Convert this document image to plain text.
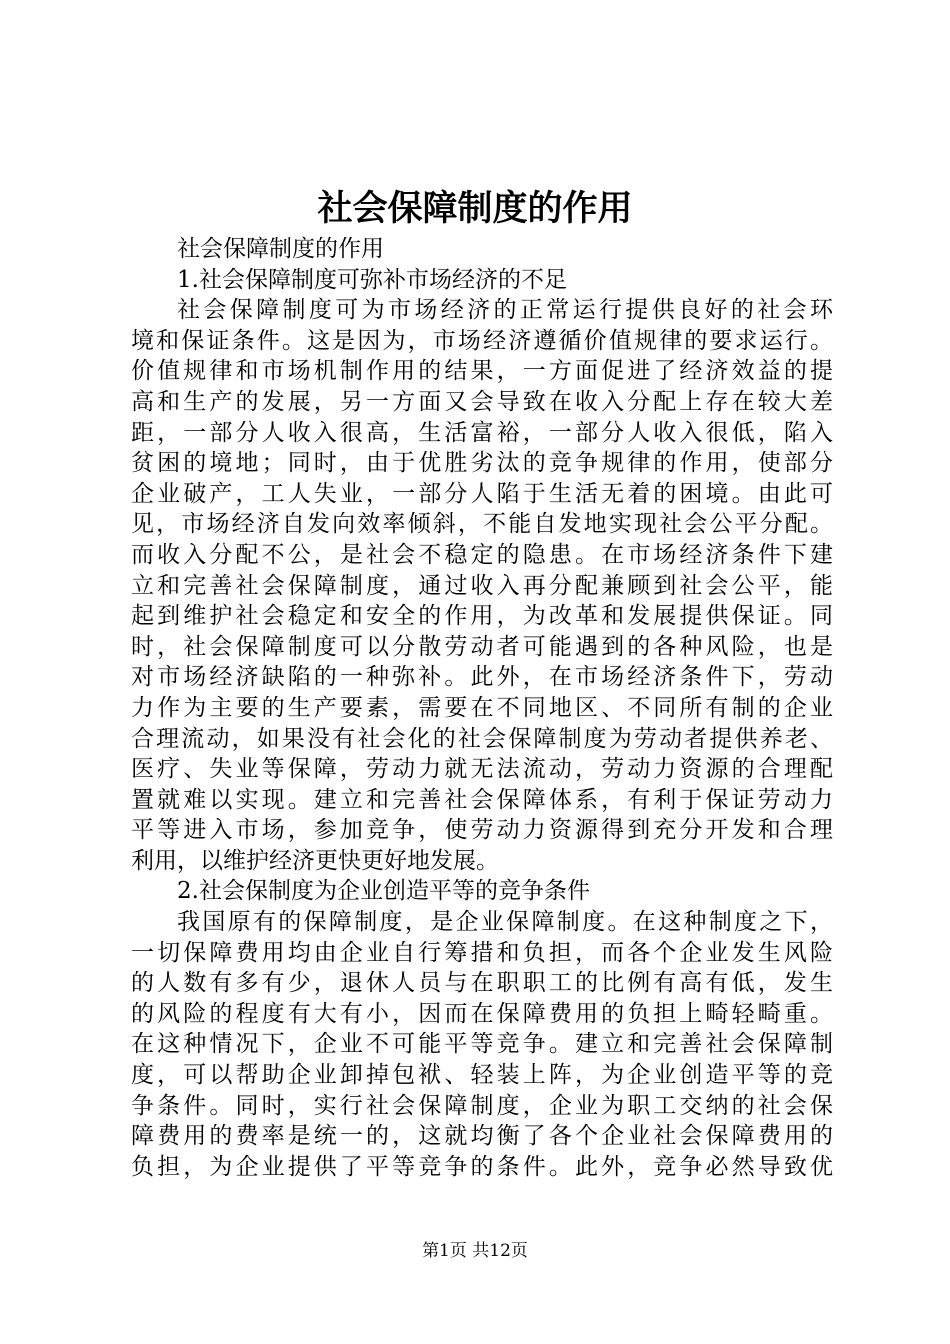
社会保障制度的作用
社会保障制度的作用
1.社会保障制度可弥补市场经济的不足
社会保障制度可为市场经济的正常运行提供良好的社会环
境和保证条件。这是因为，市场经济遵循价值规律的要求运行。
价值规律和市场机制作用的结果，一方面促进了经济效益的提
高和生产的发展，另一方面又会导致在收入分配上存在较大差
距，一部分人收入很高，生活富裕，一部分人收入很低，陷入
贫困的境地；同时，由于优胜劣汰的竞争规律的作用，使部分
企业破产，工人失业，一部分人陷于生活无着的困境。由此可
见，市场经济自发向效率倾斜，不能自发地实现社会公平分配。
而收入分配不公，是社会不稳定的隐患。在市场经济条件下建
立和完善社会保障制度，通过收入再分配兼顾到社会公平，能
起到维护社会稳定和安全的作用，为改革和发展提供保证。同
时，社会保障制度可以分散劳动者可能遇到的各种风险，也是
对市场经济缺陷的一种弥补。此外，在市场经济条件下，劳动
力作为主要的生产要素，需要在不同地区、不同所有制的企业
合理流动，如果没有社会化的社会保障制度为劳动者提供养老、
医疗、失业等保障，劳动力就无法流动，劳动力资源的合理配
置就难以实现。建立和完善社会保障体系，有利于保证劳动力
平等进入市场，参加竞争，使劳动力资源得到充分开发和合理
利用，以维护经济更快更好地发展。
2.社会保制度为企业创造平等的竞争条件
我国原有的保障制度，是企业保障制度。在这种制度之下，
一切保障费用均由企业自行筹措和负担，而各个企业发生风险
的人数有多有少，退休人员与在职职工的比例有高有低，发生
的风险的程度有大有小，因而在保障费用的负担上畸轻畸重。
在这种情况下，企业不可能平等竞争。建立和完善社会保障制
度，可以帮助企业卸掉包袱、轻装上阵，为企业创造平等的竞
争条件。同时，实行社会保障制度，企业为职工交纳的社会保
障费用的费率是统一的，这就均衡了各个企业社会保障费用的
负担，为企业提供了平等竞争的条件。此外，竞争必然导致优
第1页 共12页
